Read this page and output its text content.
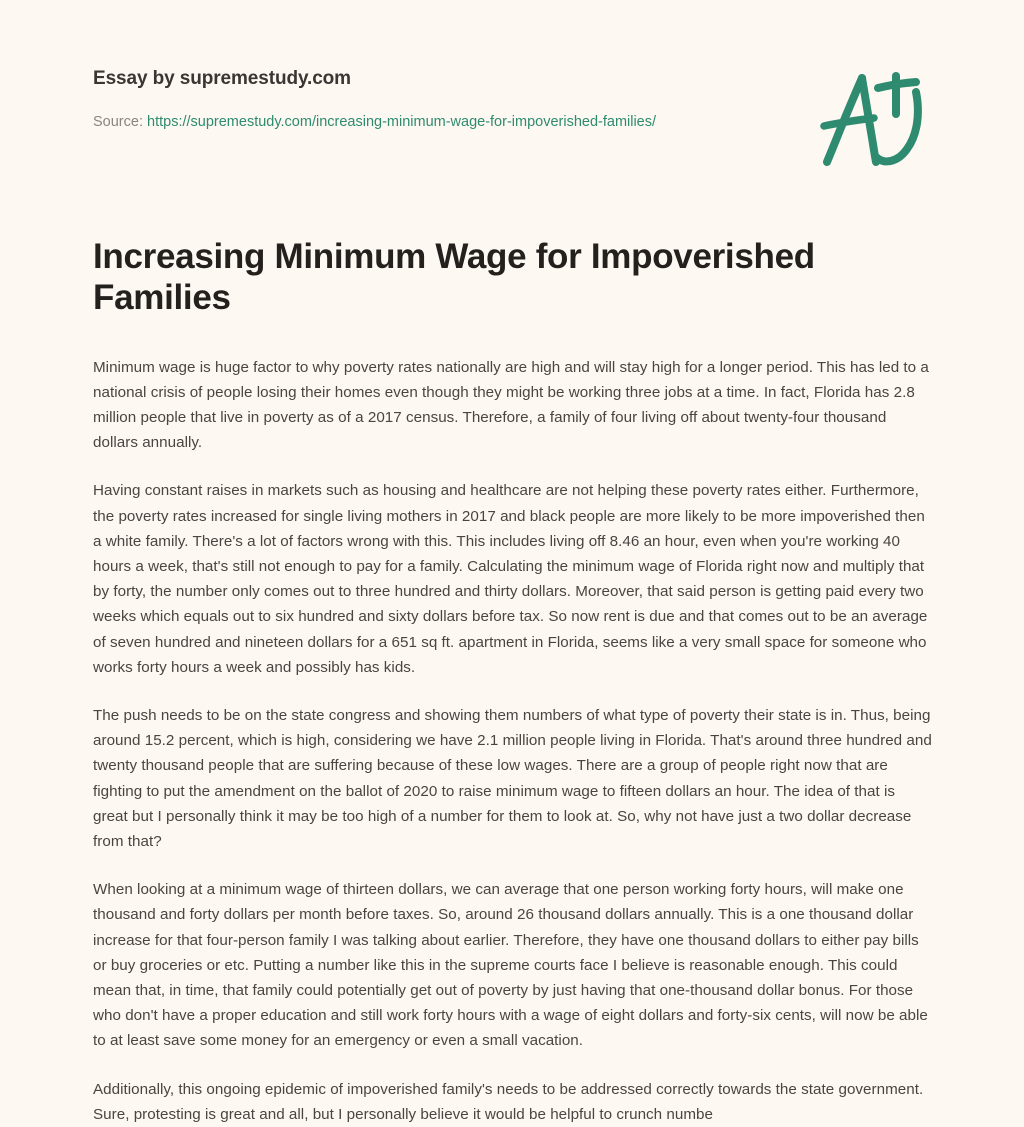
Essay by supremestudy.com
Source: https://supremestudy.com/increasing-minimum-wage-for-impoverished-families/
Increasing Minimum Wage for Impoverished Families

Minimum wage is huge factor to why poverty rates nationally are high and will stay high for a longer period. This has led to a national crisis of people losing their homes even though they might be working three jobs at a time. In fact, Florida has 2.8 million people that live in poverty as of a 2017 census. Therefore, a family of four living off about twenty-four thousand dollars annually.

Having constant raises in markets such as housing and healthcare are not helping these poverty rates either. Furthermore, the poverty rates increased for single living mothers in 2017 and black people are more likely to be more impoverished then a white family. There's a lot of factors wrong with this. This includes living off 8.46 an hour, even when you're working 40 hours a week, that's still not enough to pay for a family. Calculating the minimum wage of Florida right now and multiply that by forty, the number only comes out to three hundred and thirty dollars. Moreover, that said person is getting paid every two weeks which equals out to six hundred and sixty dollars before tax. So now rent is due and that comes out to be an average of seven hundred and nineteen dollars for a 651 sq ft. apartment in Florida, seems like a very small space for someone who works forty hours a week and possibly has kids.

The push needs to be on the state congress and showing them numbers of what type of poverty their state is in. Thus, being around 15.2 percent, which is high, considering we have 2.1 million people living in Florida. That's around three hundred and twenty thousand people that are suffering because of these low wages. There are a group of people right now that are fighting to put the amendment on the ballot of 2020 to raise minimum wage to fifteen dollars an hour. The idea of that is great but I personally think it may be too high of a number for them to look at. So, why not have just a two dollar decrease from that?

When looking at a minimum wage of thirteen dollars, we can average that one person working forty hours, will make one thousand and forty dollars per month before taxes. So, around 26 thousand dollars annually. This is a one thousand dollar increase for that four-person family I was talking about earlier. Therefore, they have one thousand dollars to either pay bills or buy groceries or etc. Putting a number like this in the supreme courts face I believe is reasonable enough. This could mean that, in time, that family could potentially get out of poverty by just having that one-thousand dollar bonus. For those who don't have a proper education and still work forty hours with a wage of eight dollars and forty-six cents, will now be able to at least save some money for an emergency or even a small vacation.

Additionally, this ongoing epidemic of impoverished family's needs to be addressed correctly towards the state government. Sure, protesting is great and all, but I personally believe it would be helpful to crunch numbe
